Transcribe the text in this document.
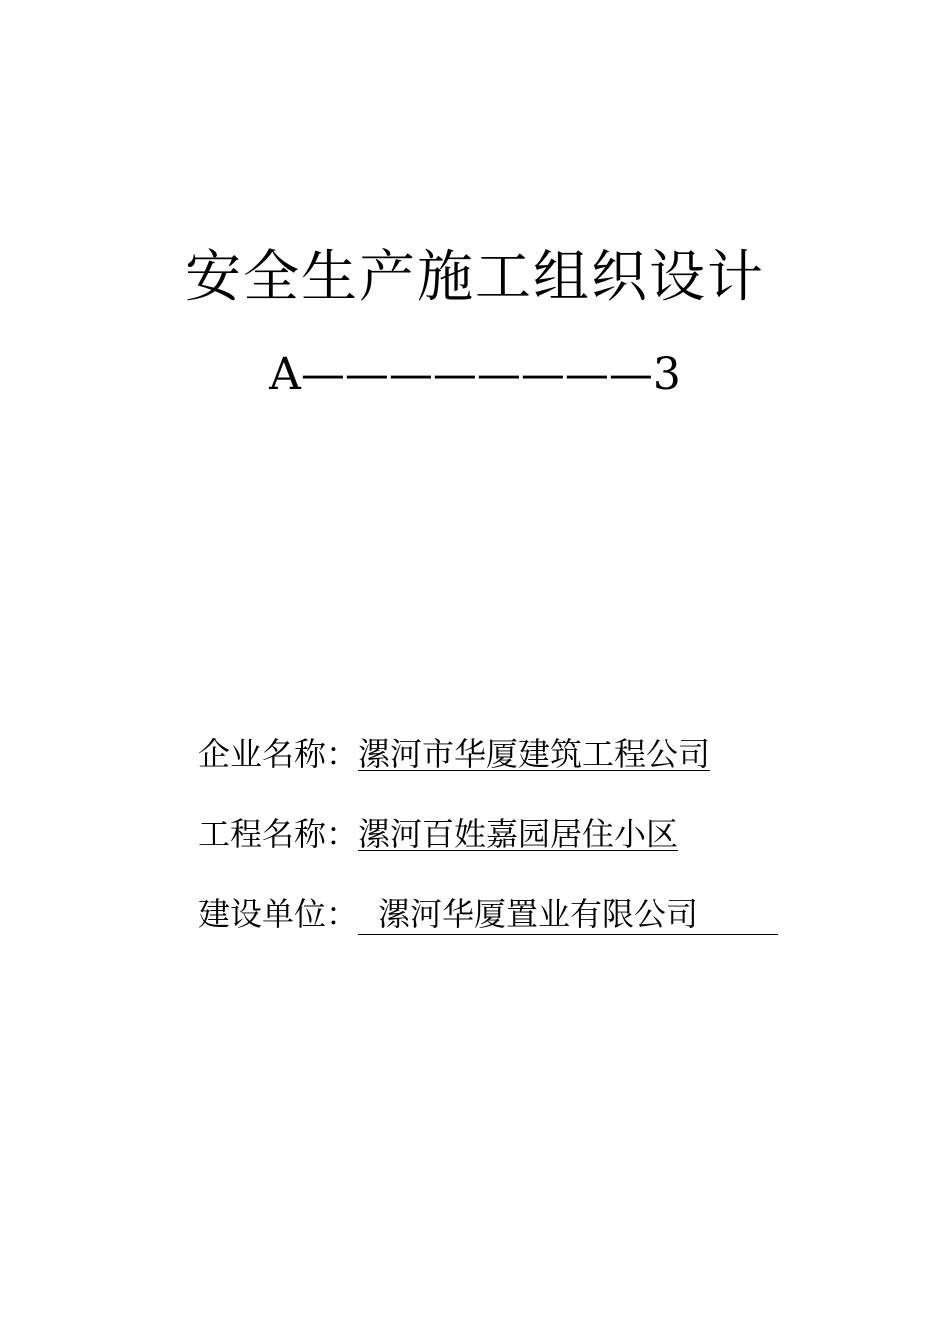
安全生产施工组织设计
A————————3
企业名称：漯河市华厦建筑工程公司
工程名称：漯河百姓嘉园居住小区
建设单位： 漯河华厦置业有限公司
